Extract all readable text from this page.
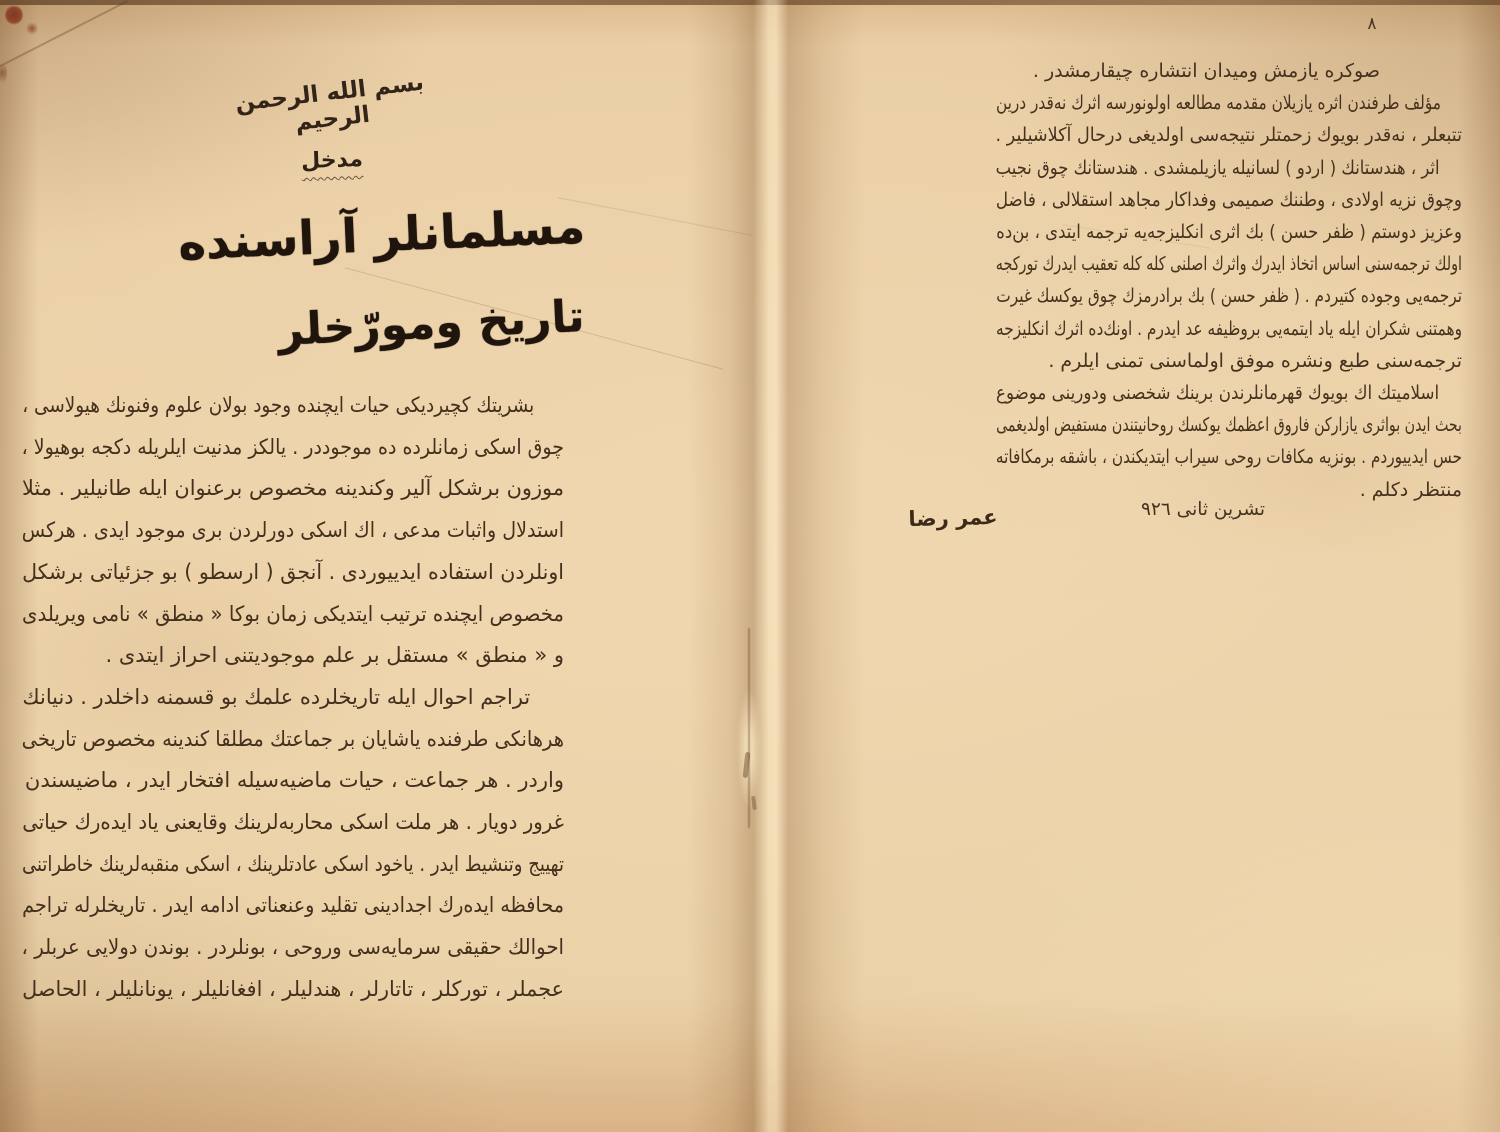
بسم الله الرحمن الرحيم
مدخل
مسلمانلر آراسنده
تاريخ ومورّخلر
بشريتك كچيرديكى حيات ايچنده وجود بولان علوم وفنونك هيولاسى ،
چوق اسكى زمانلرده ده موجوددر . يالكز مدنيت ايلريله دكجه بوهيولا ،
موزون برشكل آلير وكندينه مخصوص برعنوان ايله طانيلير . مثلا
استدلال واثبات مدعى ، اك اسكى دورلردن برى موجود ايدى . هركس
اونلردن استفاده ايدييوردى . آنجق ( ارسطو ) بو جزئياتى برشكل
مخصوص ايچنده ترتيب ايتديكى زمان بوكا « منطق » نامى ويريلدى
و « منطق » مستقل بر علم موجوديتنى احراز ايتدى .
تراجم احوال ايله تاريخلرده علمك بو قسمنه داخلدر . دنيانك
هرهانكى طرفنده ياشايان بر جماعتك مطلقا كندينه مخصوص تاريخى
واردر . هر جماعت ، حيات ماضيه‌سيله افتخار ايدر ، ماضيسندن
غرور دويار . هر ملت اسكى محاربه‌لرينك وقايعنى ياد ايده‌رك حياتى
تهييج وتنشيط ايدر . ياخود اسكى عادتلرينك ، اسكى منقبه‌لرينك خاطراتنى
محافظه ايده‌رك اجدادينى تقليد وعنعناتى ادامه ايدر . تاريخلرله تراجم
احوالك حقيقى سرمايه‌سى وروحى ، بونلردر . بوندن دولايى عربلر ،
عجملر ، توركلر ، تاتارلر ، هندليلر ، افغانليلر ، يونانليلر ، الحاصل
٨
صوكره يازمش وميدان انتشاره چيقارمشدر .
مؤلف طرفندن اثره يازيلان مقدمه مطالعه اولونورسه اثرك نه‌قدر درين
تتبعلر ، نه‌قدر بويوك زحمتلر نتيجه‌سى اولديغى درحال آكلاشيلير .
اثر ، هندستانك ( اردو ) لسانيله يازيلمشدى . هندستانك چوق نجيب
وچوق نزيه اولادى ، وطننك صميمى وفداكار مجاهد استقلالى ، فاضل
وعزيز دوستم ( ظفر حسن ) بك اثرى انكليزجه‌يه ترجمه ايتدى ، بن‌ده
اولك ترجمه‌سنى اساس اتخاذ ايدرك واثرك اصلنى كله كله تعقيب ايدرك توركجه
ترجمه‌يى وجوده كتيردم . ( ظفر حسن ) بك برادرمزك چوق يوكسك غيرت
وهمتنى شكران ايله ياد ايتمه‌يى بروظيفه عد ايدرم . اونك‌ده اثرك انكليزجه
ترجمه‌سنى طبع ونشره موفق اولماسنى تمنى ايلرم .
اسلاميتك اك بويوك قهرمانلرندن برينك شخصنى ودورينى موضوع
بحث ايدن بواثرى يازاركن فاروق اعظمك يوكسك روحانيتندن مستفيض اولديغمى
حس ايدييوردم . بونزيه مكافات روحى سيراب ايتديكندن ، باشقه برمكافاته
منتظر دكلم .
تشرين ثانى ٩٢٦
عمر رضا
